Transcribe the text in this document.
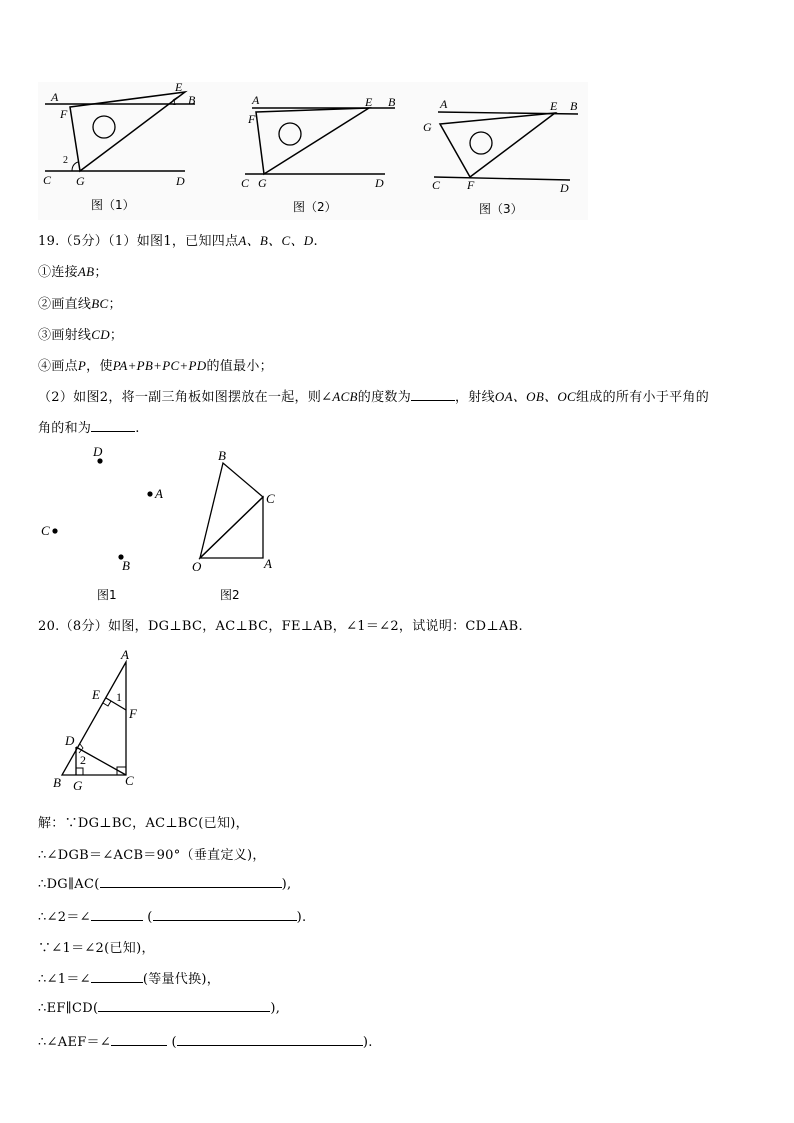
A
E
B
F
1
2
C G	D
图（1）
A	E B
F
C G	D
图（2）
A	E B
G
C F	D
图（3）
19.（5分）（1）如图1，已知四点A、B、C、D.
①连接AB；
②画直线BC；
③画射线CD；
④画点P，使PA+PB+PC+PD的值最小；
（2）如图2，将一副三角板如图摆放在一起，则∠ACB的度数为	，射线OA、OB、OC组成的所有小于平角的
角的和为	.
D
A
C
B
图1
B
C
O	A
图2
20.（8分）如图，DG⊥BC，AC⊥BC，FE⊥AB，∠1＝∠2，试说明：CD⊥AB.
A
E 1
F
D
2
B G	C
解：∵DG⊥BC，AC⊥BC(已知)，
∴∠DGB＝∠ACB＝90°（垂直定义)，
∴DG∥AC(	),
∴∠2＝∠	(	).
∵∠1＝∠2(已知)，
∴∠1＝∠	(等量代换)，
∴EF∥CD(	),
∴∠AEF＝∠	(	).
